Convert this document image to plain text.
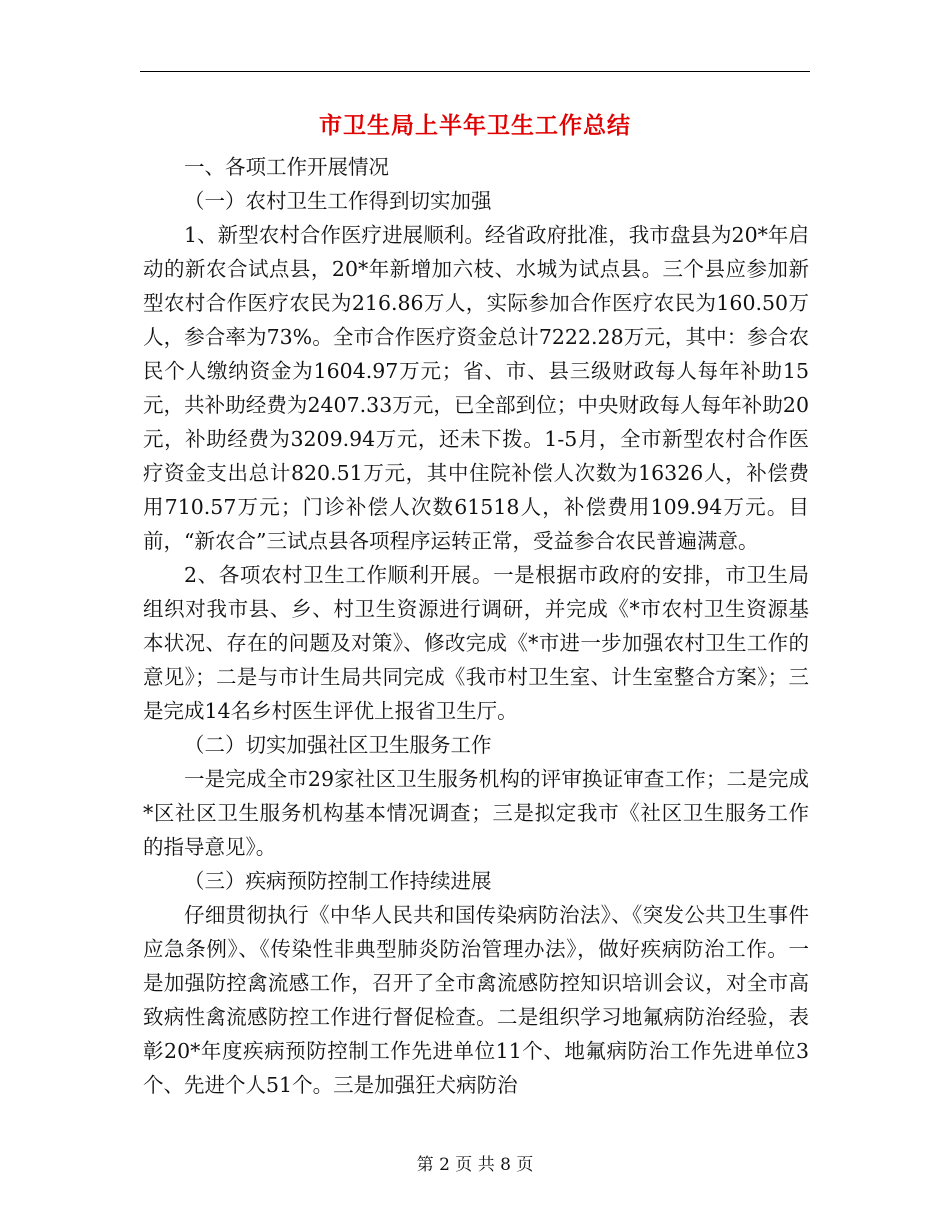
市卫生局上半年卫生工作总结

一、各项工作开展情况

（一）农村卫生工作得到切实加强

1、新型农村合作医疗进展顺利。经省政府批准，我市盘县为20*年启动的新农合试点县，20*年新增加六枝、水城为试点县。三个县应参加新型农村合作医疗农民为216.86万人，实际参加合作医疗农民为160.50万人，参合率为73%。全市合作医疗资金总计7222.28万元，其中：参合农民个人缴纳资金为1604.97万元；省、市、县三级财政每人每年补助15元，共补助经费为2407.33万元，已全部到位；中央财政每人每年补助20元，补助经费为3209.94万元，还未下拨。1-5月，全市新型农村合作医疗资金支出总计820.51万元，其中住院补偿人次数为16326人，补偿费用710.57万元；门诊补偿人次数61518人，补偿费用109.94万元。目前，“新农合”三试点县各项程序运转正常，受益参合农民普遍满意。

2、各项农村卫生工作顺利开展。一是根据市政府的安排，市卫生局组织对我市县、乡、村卫生资源进行调研，并完成《*市农村卫生资源基本状况、存在的问题及对策》、修改完成《*市进一步加强农村卫生工作的意见》；二是与市计生局共同完成《我市村卫生室、计生室整合方案》；三是完成14名乡村医生评优上报省卫生厅。

（二）切实加强社区卫生服务工作

一是完成全市29家社区卫生服务机构的评审换证审查工作；二是完成*区社区卫生服务机构基本情况调查；三是拟定我市《社区卫生服务工作的指导意见》。

（三）疾病预防控制工作持续进展

仔细贯彻执行《中华人民共和国传染病防治法》、《突发公共卫生事件应急条例》、《传染性非典型肺炎防治管理办法》，做好疾病防治工作。一是加强防控禽流感工作，召开了全市禽流感防控知识培训会议，对全市高致病性禽流感防控工作进行督促检查。二是组织学习地氟病防治经验，表彰20*年度疾病预防控制工作先进单位11个、地氟病防治工作先进单位3个、先进个人51个。三是加强狂犬病防治

第 2 页 共 8 页
